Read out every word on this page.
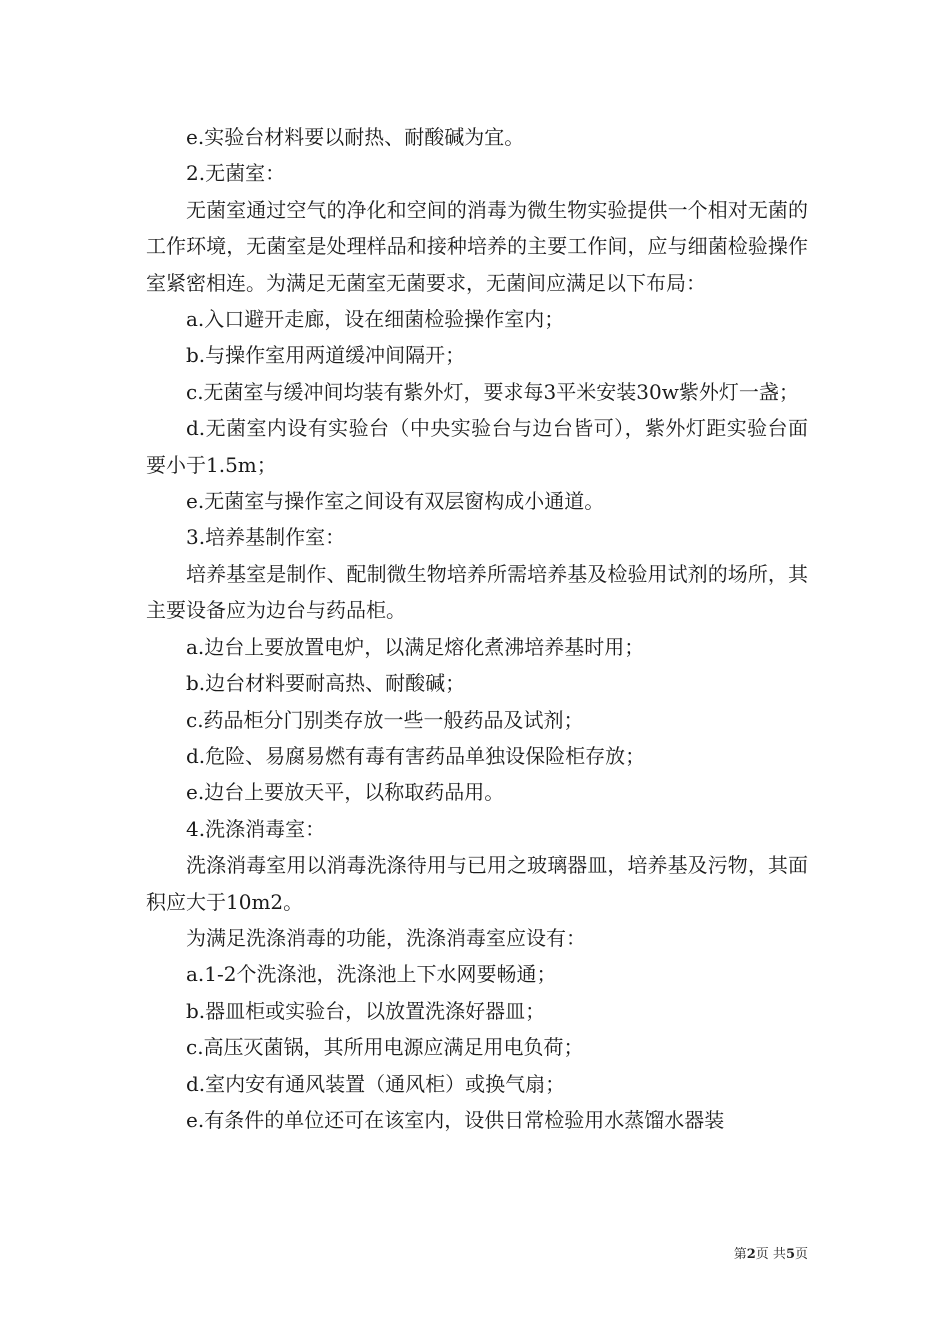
e.实验台材料要以耐热、耐酸碱为宜。

2.无菌室：

无菌室通过空气的净化和空间的消毒为微生物实验提供一个相对无菌的工作环境，无菌室是处理样品和接种培养的主要工作间，应与细菌检验操作室紧密相连。为满足无菌室无菌要求，无菌间应满足以下布局：

a.入口避开走廊，设在细菌检验操作室内；

b.与操作室用两道缓冲间隔开；

c.无菌室与缓冲间均装有紫外灯，要求每3平米安装30w紫外灯一盏；

d.无菌室内设有实验台（中央实验台与边台皆可），紫外灯距实验台面要小于1.5m；

e.无菌室与操作室之间设有双层窗构成小通道。

3.培养基制作室：

培养基室是制作、配制微生物培养所需培养基及检验用试剂的场所，其主要设备应为边台与药品柜。

a.边台上要放置电炉，以满足熔化煮沸培养基时用；

b.边台材料要耐高热、耐酸碱；

c.药品柜分门别类存放一些一般药品及试剂；

d.危险、易腐易燃有毒有害药品单独设保险柜存放；

e.边台上要放天平，以称取药品用。

4.洗涤消毒室：

洗涤消毒室用以消毒洗涤待用与已用之玻璃器皿，培养基及污物，其面积应大于10m2。

为满足洗涤消毒的功能，洗涤消毒室应设有：

a.1-2个洗涤池，洗涤池上下水网要畅通；

b.器皿柜或实验台，以放置洗涤好器皿；

c.高压灭菌锅，其所用电源应满足用电负荷；

d.室内安有通风装置（通风柜）或换气扇；

e.有条件的单位还可在该室内，设供日常检验用水蒸馏水器装

第2页 共5页
